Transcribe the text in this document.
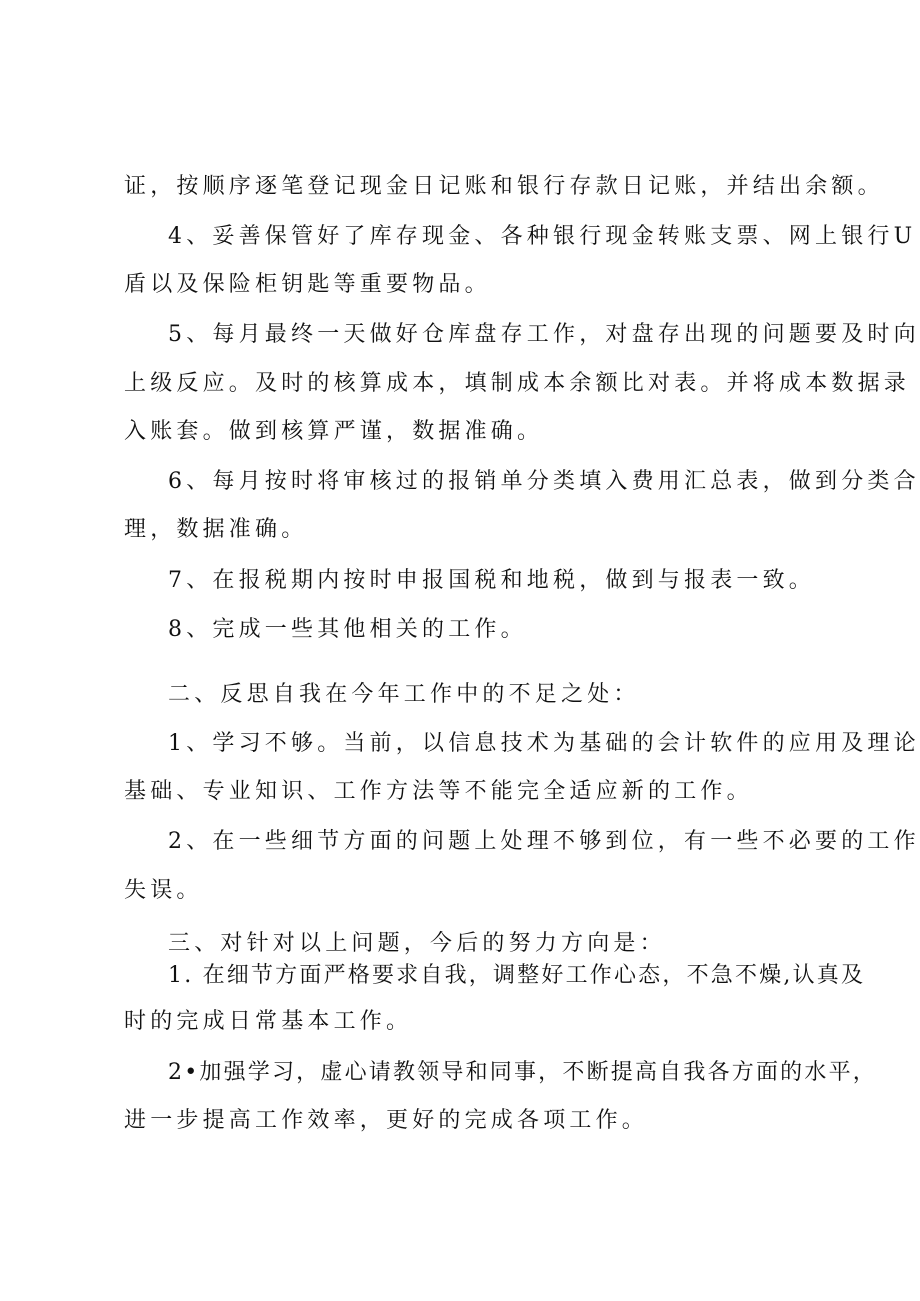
证，按顺序逐笔登记现金日记账和银行存款日记账，并结出余额。
4、妥善保管好了库存现金、各种银行现金转账支票、网上银行U
盾以及保险柜钥匙等重要物品。
5、每月最终一天做好仓库盘存工作，对盘存出现的问题要及时向
上级反应。及时的核算成本，填制成本余额比对表。并将成本数据录
入账套。做到核算严谨，数据准确。
6、每月按时将审核过的报销单分类填入费用汇总表，做到分类合
理，数据准确。
7、在报税期内按时申报国税和地税，做到与报表一致。
8、完成一些其他相关的工作。
二、反思自我在今年工作中的不足之处：
1、学习不够。当前，以信息技术为基础的会计软件的应用及理论
基础、专业知识、工作方法等不能完全适应新的工作。
2、在一些细节方面的问题上处理不够到位，有一些不必要的工作
失误。
三、对针对以上问题，今后的努力方向是：
1. 在细节方面严格要求自我，调整好工作心态，不急不燥,认真及
时的完成日常基本工作。
2•加强学习，虚心请教领导和同事，不断提高自我各方面的水平，
进一步提高工作效率，更好的完成各项工作。
